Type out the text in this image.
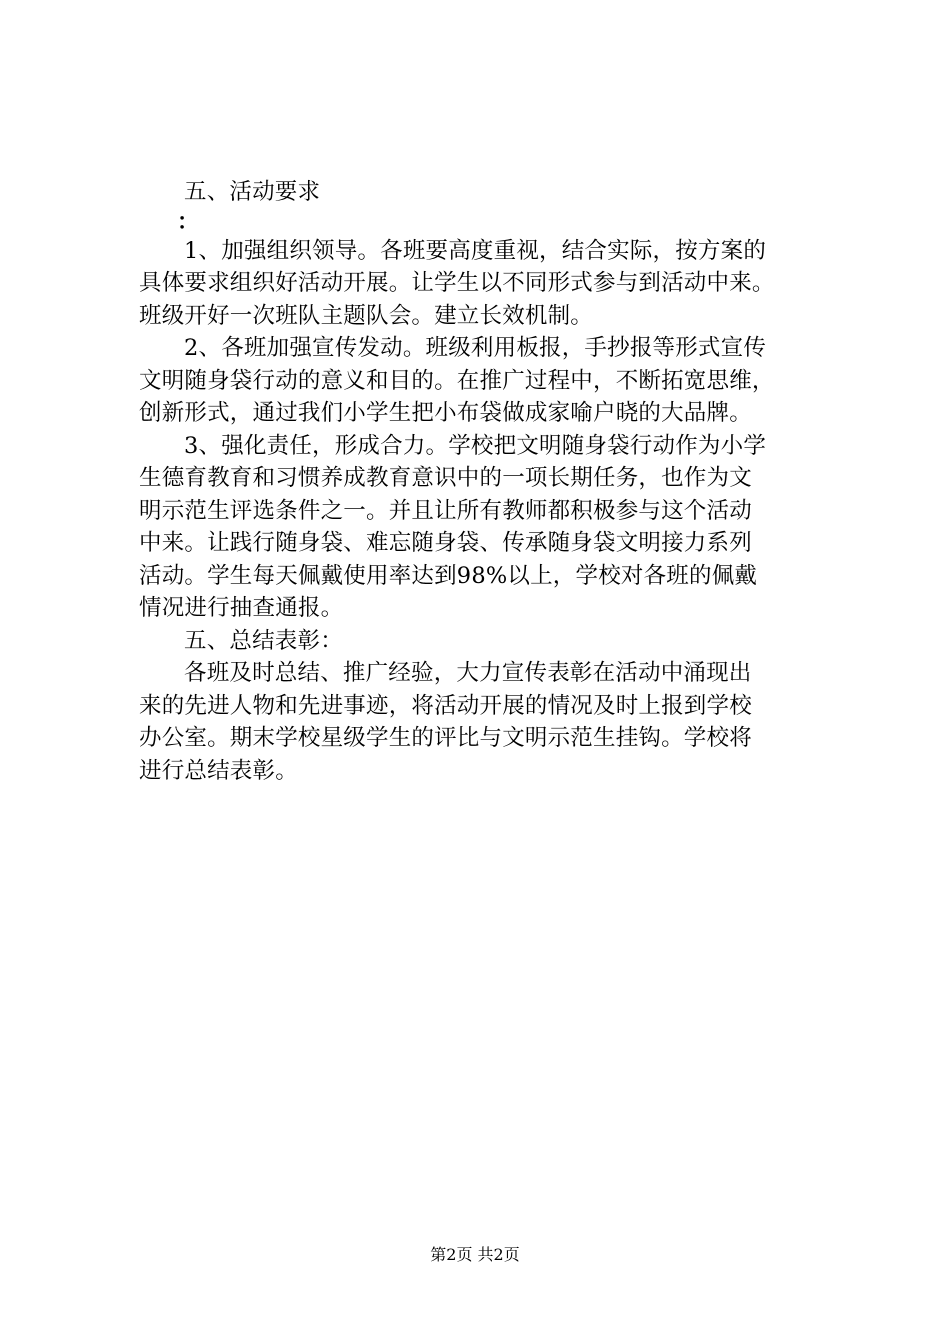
五、活动要求
：
1、加强组织领导。各班要高度重视，结合实际，按方案的
具体要求组织好活动开展。让学生以不同形式参与到活动中来。
班级开好一次班队主题队会。建立长效机制。
2、各班加强宣传发动。班级利用板报，手抄报等形式宣传
文明随身袋行动的意义和目的。在推广过程中，不断拓宽思维，
创新形式，通过我们小学生把小布袋做成家喻户晓的大品牌。
3、强化责任，形成合力。学校把文明随身袋行动作为小学
生德育教育和习惯养成教育意识中的一项长期任务，也作为文
明示范生评选条件之一。并且让所有教师都积极参与这个活动
中来。让践行随身袋、难忘随身袋、传承随身袋文明接力系列
活动。学生每天佩戴使用率达到98%以上，学校对各班的佩戴
情况进行抽查通报。
五、总结表彰：
各班及时总结、推广经验，大力宣传表彰在活动中涌现出
来的先进人物和先进事迹，将活动开展的情况及时上报到学校
办公室。期末学校星级学生的评比与文明示范生挂钩。学校将
进行总结表彰。
第2页 共2页
